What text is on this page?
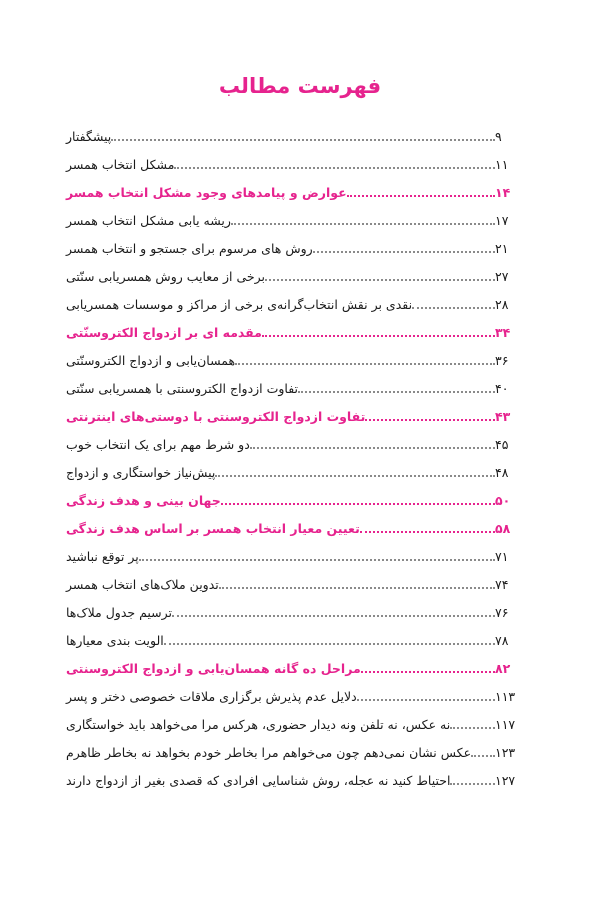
فهرست مطالب
پیشگفتار	۹
مشکل انتخاب همسر	۱۱
عوارض و پیامدهای وجود مشکل انتخاب همسر	۱۴
ریشه یابی مشکل انتخاب همسر	۱۷
روش های مرسوم برای جستجو و انتخاب همسر	۲۱
برخی از معایب روش همسریابی سنّتی	۲۷
نقدی بر نقش انتخاب‌گرانه‌ی برخی از مراکز و موسسات همسریابی	۲۸
مقدمه ای بر ازدواج الکتروسنّتی	۳۴
همسان‌یابی و ازدواج الکتروسنّتی	۳۶
تفاوت ازدواج الکتروسنتی با همسریابی سنّتی	۴۰
تفاوت ازدواج الکتروسنتی با دوستی‌های اینترنتی	۴۳
دو شرط مهم برای یک انتخاب خوب	۴۵
پیش‌نیاز خواستگاری و ازدواج	۴۸
جهان بینی و هدف زندگی	۵۰
تعیین معیار انتخاب همسر بر اساس هدف زندگی	۵۸
پر توقع نباشید	۷۱
تدوین ملاک‌های انتخاب همسر	۷۴
ترسیم جدول ملاک‌ها	۷۶
الویت بندی معیارها	۷۸
مراحل ده گانه همسان‌یابی و ازدواج الکتروسنتی	۸۲
دلایل عدم پذیرش برگزاری ملاقات خصوصی دختر و پسر	۱۱۳
نه عکس، نه تلفن ونه دیدار حضوری، هرکس مرا می‌خواهد باید خواستگاری	۱۱۷
عکس نشان نمی‌دهم چون می‌خواهم مرا بخاطر خودم بخواهد نه بخاطر ظاهرم ۱۲۳
احتیاط کنید نه عجله، روش شناسایی افرادی که قصدی بغیر از ازدواج دارند	۱۲۷
